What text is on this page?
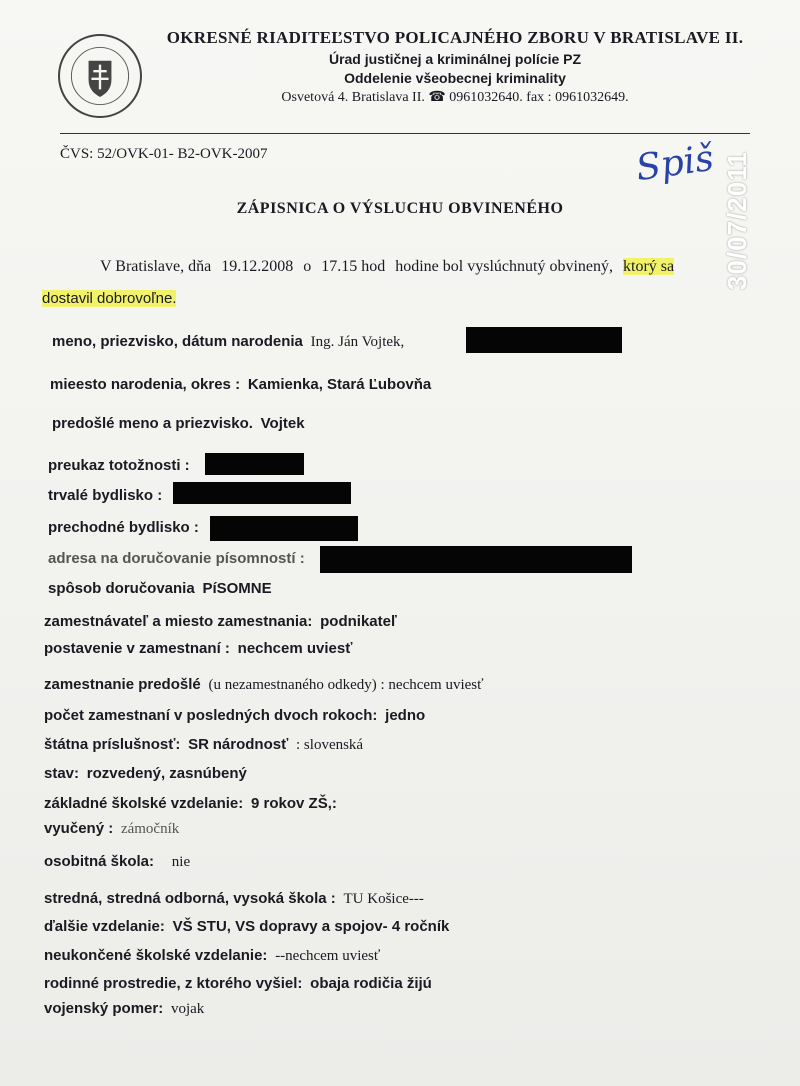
OKRESNÉ RIADITEĽSTVO POLICAJNÉHO ZBORU V BRATISLAVE II.
Úrad justičnej a kriminálnej polície PZ
Oddelenie všeobecnej kriminality
Osvetová 4. Bratislava II. ☎ 0961032640. fax : 0961032649.
ČVS: 52/OVK-01- B2-OVK-2007	Spiš 30/07/2011
ZÁPISNICA O VÝSLUCHU OBVINENÉHO
V Bratislave, dňa 19.12.2008 o 17.15 hod hodine bol vyslúchnutý obvinený, ktorý sa
dostavil dobrovoľne.
meno, priezvisko, dátum narodenia Ing. Ján Vojtek,
mieesto narodenia, okres : Kamienka, Stará Ľubovňa
predošlé meno a priezvisko. Vojtek
preukaz totožnosti :
trvalé bydlisko :
prechodné bydlisko :
adresa na doručovanie písomností :
spôsob doručovania PíSOMNE
zamestnávateľ a miesto zamestnania: podnikateľ
postavenie v zamestnaní : nechcem uviesť
zamestnanie predošlé (u nezamestnaného odkedy) : nechcem uviesť
počet zamestnaní v posledných dvoch rokoch: jedno
štátna príslušnosť: SR národnosť : slovenská
stav: rozvedený, zasnúbený
základné školské vzdelanie: 9 rokov ZŠ,:
vyučený : zámočník
osobitná škola: nie
stredná, stredná odborná, vysoká škola : TU Košice---
ďalšie vzdelanie: VŠ STU, VS dopravy a spojov- 4 ročník
neukončené školské vzdelanie: --nechcem uviesť
rodinné prostredie, z ktorého vyšiel: obaja rodičia žijú
vojenský pomer: vojak
